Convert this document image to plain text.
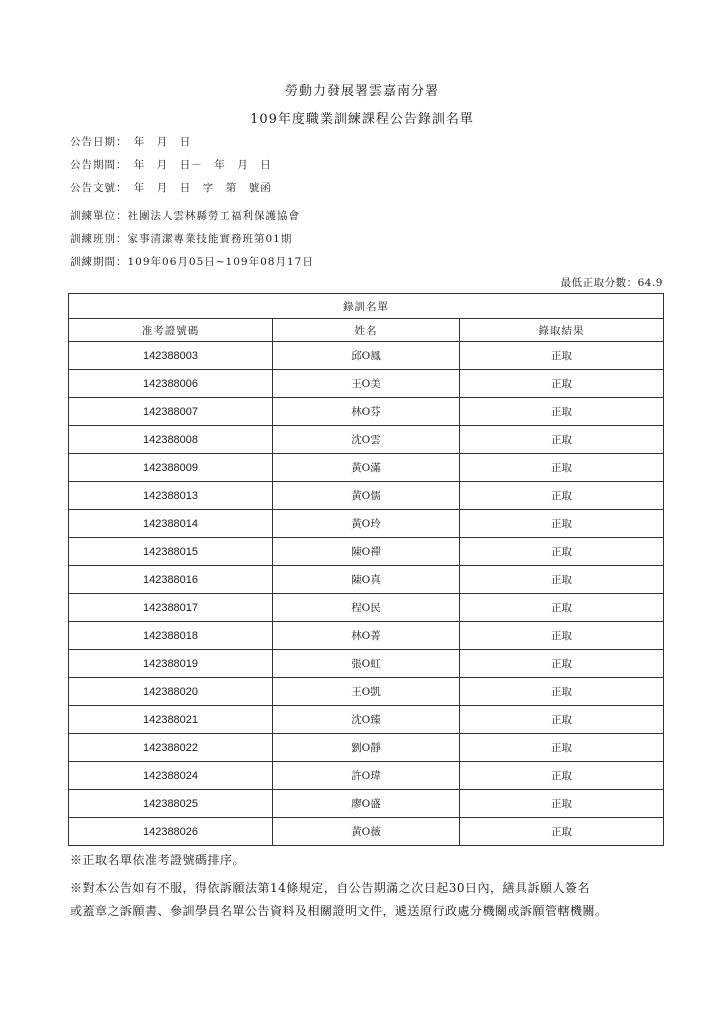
勞動力發展署雲嘉南分署
109年度職業訓練課程公告錄訓名單
公告日期：　年　月　日
公告期間：　年　月　日－　年　月　日
公告文號：　年　月　日　字　第　號函
訓練單位：社團法人雲林縣勞工福利保護協會
訓練班別：家事清潔專業技能實務班第01期
訓練期間：109年06月05日~109年08月17日
最低正取分數：64.9
錄訓名單		
准考證號碼	姓名	錄取結果
142388003	邱O鳳	正取
142388006	王O美	正取
142388007	林O芬	正取
142388008	沈O雲	正取
142388009	黃O滿	正取
142388013	黃O儒	正取
142388014	黃O玲	正取
142388015	陳O禪	正取
142388016	陳O真	正取
142388017	程O民	正取
142388018	林O菁	正取
142388019	張O虹	正取
142388020	王O凱	正取
142388021	沈O臻	正取
142388022	劉O靜	正取
142388024	許O瑋	正取
142388025	廖O盛	正取
142388026	黃O薇	正取
※正取名單依准考證號碼排序。
※對本公告如有不服，得依訴願法第14條規定，自公告期滿之次日起30日內，繕具訴願人簽名
或蓋章之訴願書、參訓學員名單公告資料及相關證明文件，遞送原行政處分機關或訴願管轄機關。
